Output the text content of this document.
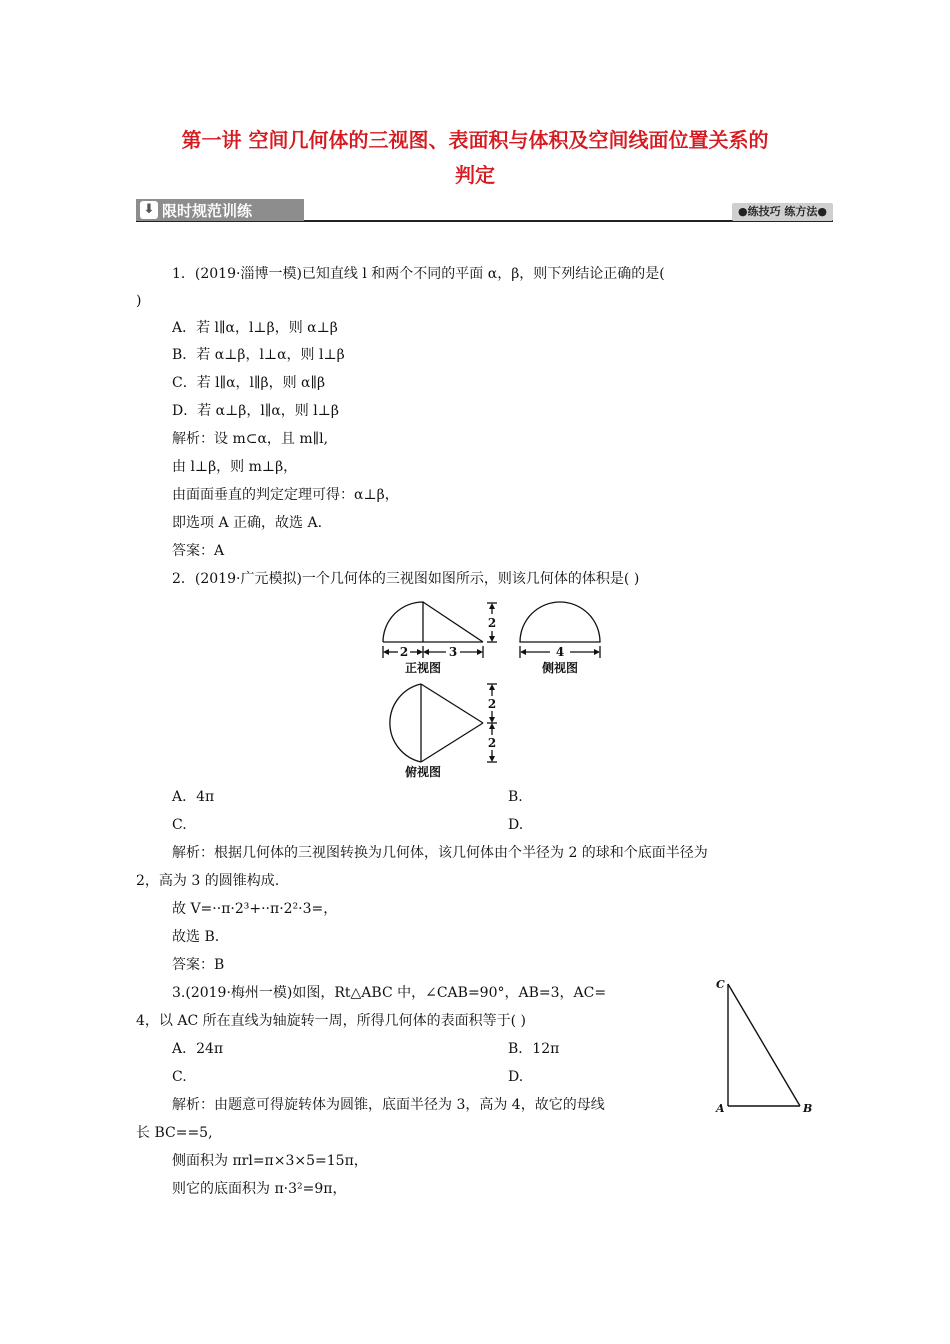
第一讲 空间几何体的三视图、表面积与体积及空间线面位置关系的
判定
⬇ 限时规范训练	●练技巧 练方法●
1．(2019·淄博一模)已知直线 l 和两个不同的平面 α，β，则下列结论正确的是(
)
A．若 l∥α，l⊥β，则 α⊥β
B．若 α⊥β，l⊥α，则 l⊥β
C．若 l∥α，l∥β，则 α∥β
D．若 α⊥β，l∥α，则 l⊥β
解析：设 m⊂α，且 m∥l,
由 l⊥β，则 m⊥β，
由面面垂直的判定定理可得：α⊥β，
即选项 A 正确，故选 A.
答案：A
2．(2019·广元模拟)一个几何体的三视图如图所示，则该几何体的体积是( )
2	3
2
4
2
2
正视图	侧视图
俯视图
A．4π	B.
C.	D.
解析：根据几何体的三视图转换为几何体，该几何体由个半径为 2 的球和个底面半径为
2，高为 3 的圆锥构成.
故 V=··π·2³+··π·2²·3=，
故选 B.
答案：B
3.(2019·梅州一模)如图，Rt△ABC 中，∠CAB=90°，AB=3，AC=
4，以 AC 所在直线为轴旋转一周，所得几何体的表面积等于( )
A．24π	B．12π
C.	D.
解析：由题意可得旋转体为圆锥，底面半径为 3，高为 4，故它的母线
长 BC==5,
侧面积为 πrl=π×3×5=15π，
则它的底面积为 π·3²=9π，
C
A	B
